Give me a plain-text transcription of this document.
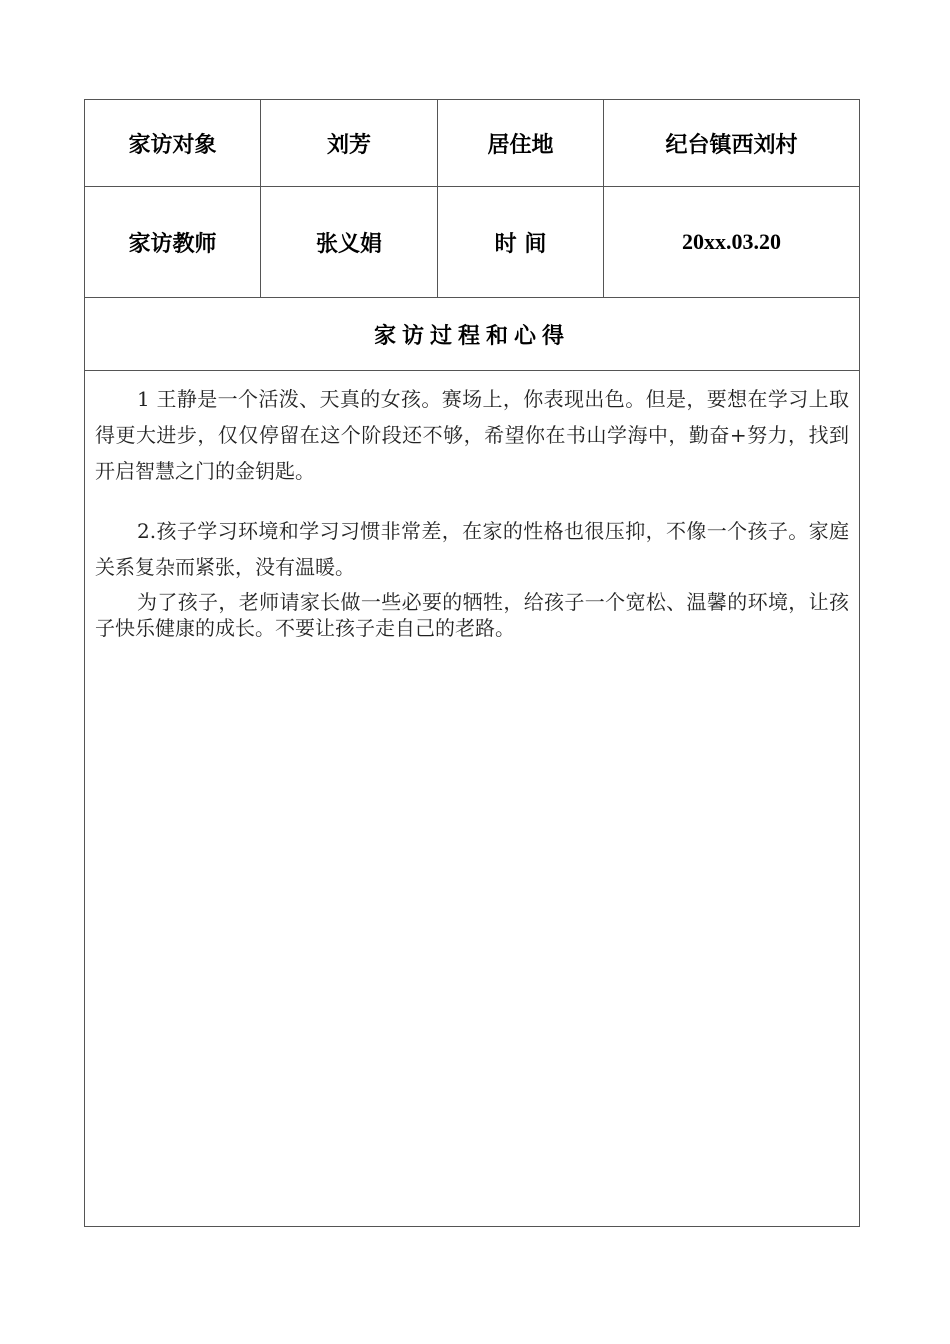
家访对象	刘芳	居住地	纪台镇西刘村
家访教师	张义娟	时 间	20xx.03.20
家访过程和心得

1 王静是一个活泼、天真的女孩。赛场上，你表现出色。但是，要想在学习上取得更大进步，仅仅停留在这个阶段还不够，希望你在书山学海中，勤奋+努力，找到开启智慧之门的金钥匙。

2.孩子学习环境和学习习惯非常差，在家的性格也很压抑，不像一个孩子。家庭关系复杂而紧张，没有温暖。

为了孩子，老师请家长做一些必要的牺牲，给孩子一个宽松、温馨的环境，让孩子快乐健康的成长。不要让孩子走自己的老路。
